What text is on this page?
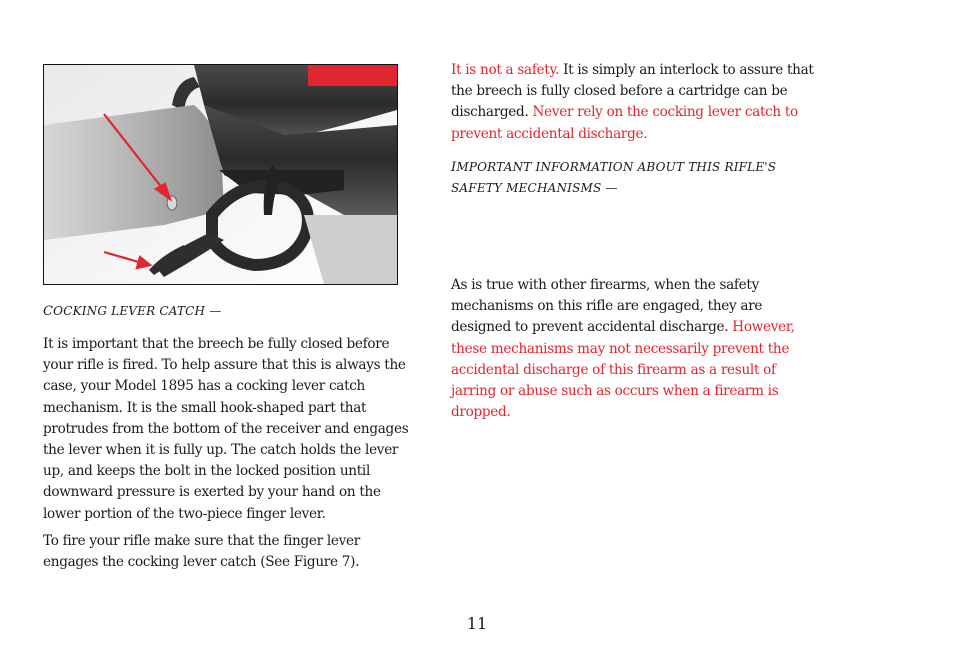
COCKING LEVER CATCH —

It is important that the breech be fully closed before your rifle is fired. To help assure that this is always the case, your Model 1895 has a cocking lever catch mechanism. It is the small hook-shaped part that protrudes from the bottom of the receiver and engages the lever when it is fully up. The catch holds the lever up, and keeps the bolt in the locked position until downward pressure is exerted by your hand on the lower portion of the two-piece finger lever.

To fire your rifle make sure that the finger lever engages the cocking lever catch (See Figure 7).

It is not a safety. It is simply an interlock to assure that the breech is fully closed before a cartridge can be discharged. Never rely on the cocking lever catch to prevent accidental discharge.

IMPORTANT INFORMATION ABOUT THIS RIFLE'S SAFETY MECHANISMS —

As is true with other firearms, when the safety mechanisms on this rifle are engaged, they are designed to prevent accidental discharge. However, these mechanisms may not necessarily prevent the accidental discharge of this firearm as a result of jarring or abuse such as occurs when a firearm is dropped.

11
